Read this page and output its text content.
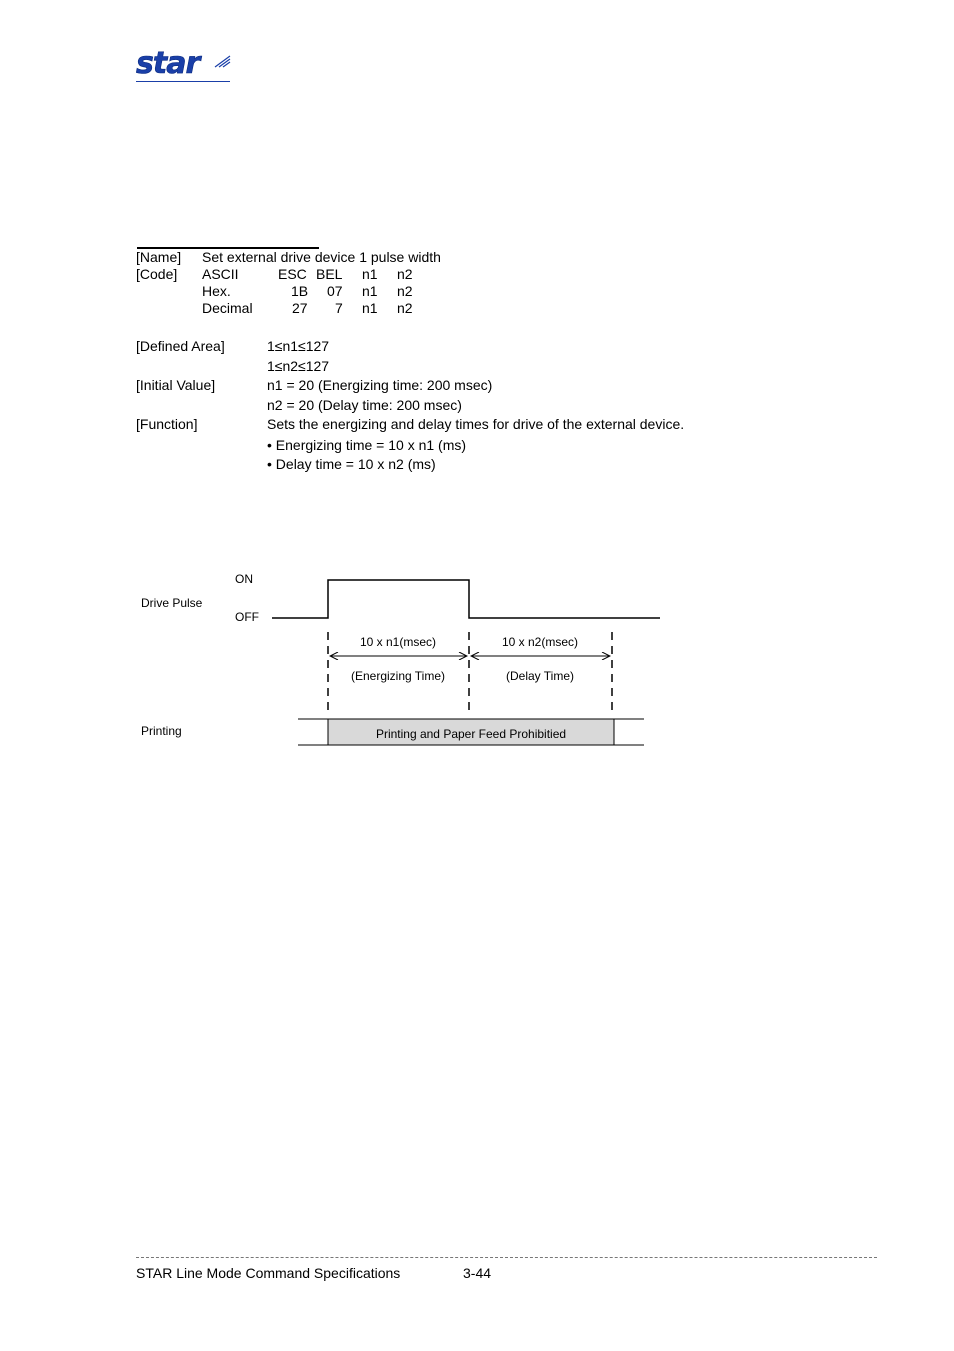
star
[Name] Set external drive device 1 pulse width
[Code] ASCII	ESC BEL n1 n2
Hex.	1B 07 n1 n2
Decimal	27 7 n1 n2
[Defined Area]	1≤n1≤127
1≤n2≤127
[Initial Value]	n1 = 20 (Energizing time: 200 msec)
n2 = 20 (Delay time: 200 msec)
[Function]	Sets the energizing and delay times for drive of the external device.
• Energizing time = 10 x n1 (ms)
• Delay time = 10 x n2 (ms)
Drive Pulse
ON
OFF
10 x n1(msec)	10 x n2(msec)
(Energizing Time)	(Delay Time)
Printing	Printing and Paper Feed Prohibitied
STAR Line Mode Command Specifications	3-44
